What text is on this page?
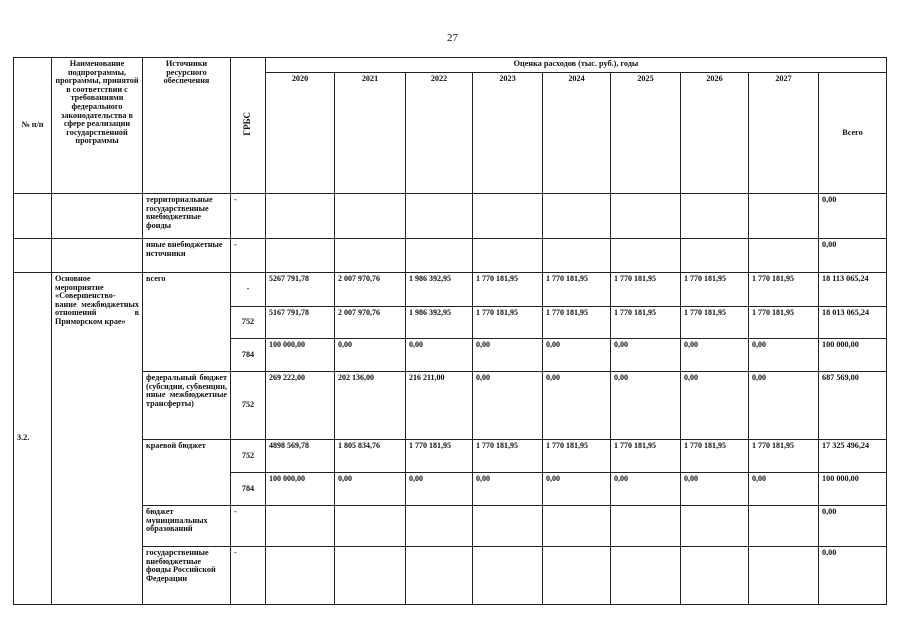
27
№ п/п	Наименование подпрограммы, программы, принятой в соответствии с требованиями федерального законодательства в сфере реализации государственной программы	Источники ресурсного обеспечения	ГРБС	Оценка расходов (тыс. руб.), годы								
				2020	2021	2022	2023	2024	2025	2026	2027	Всего
		территориальные государственные внебюджетные фонды	-									0,00
		иные внебюджетные источники	-									0,00
3.2.	Основное мероприятие «Совершенство- вание межбюджетных отношений в Приморском крае»	всего	-	5267 791,78	2 007 970,76	1 986 392,95	1 770 181,95	1 770 181,95	1 770 181,95	1 770 181,95	1 770 181,95	18 113 065,24
			752	5167 791,78	2 007 970,76	1 986 392,95	1 770 181,95	1 770 181,95	1 770 181,95	1 770 181,95	1 770 181,95	18 013 065,24
			784	100 000,00	0,00	0,00	0,00	0,00	0,00	0,00	0,00	100 000,00
		федеральный бюджет (субсидии, субвенции, иные межбюджетные трансферты)	752	269 222,00	202 136,00	216 211,00	0,00	0,00	0,00	0,00	0,00	687 569,00
		краевой бюджет	752	4898 569,78	1 805 834,76	1 770 181,95	1 770 181,95	1 770 181,95	1 770 181,95	1 770 181,95	1 770 181,95	17 325 496,24
			784	100 000,00	0,00	0,00	0,00	0,00	0,00	0,00	0,00	100 000,00
		бюджет муниципальных образований	-									0,00
		государственные внебюджетные фонды Российской Федерации	-									0,00
